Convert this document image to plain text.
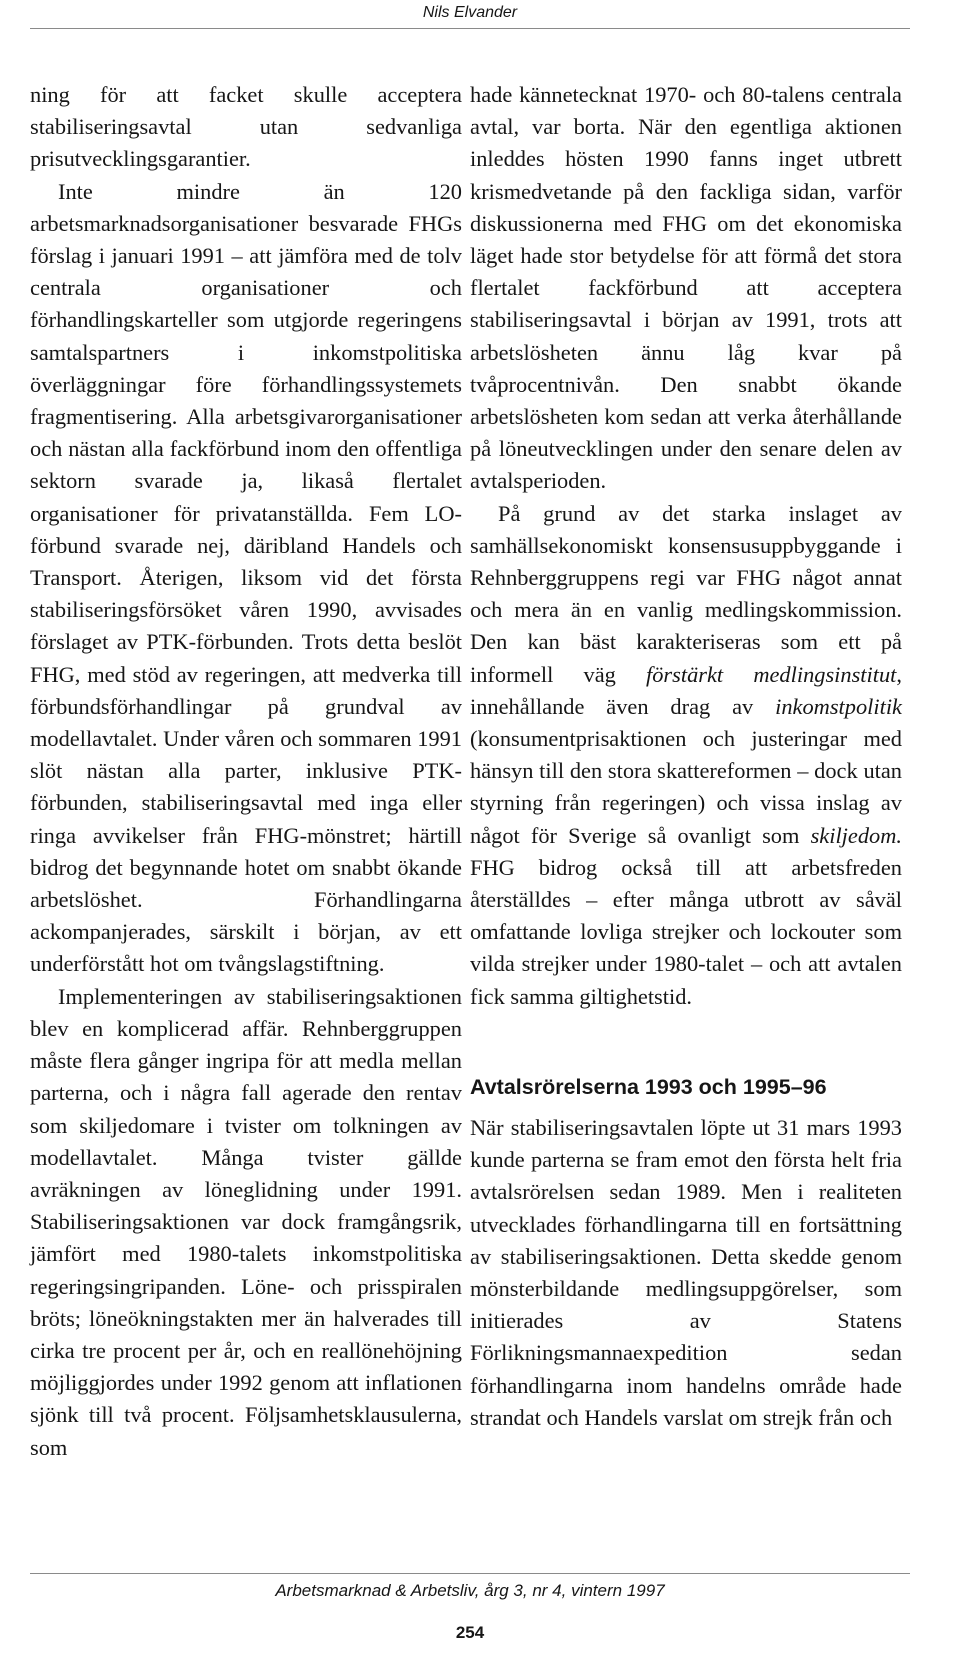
Nils Elvander

ning för att facket skulle acceptera stabiliseringsavtal utan sedvanliga prisutvecklingsgarantier.

Inte mindre än 120 arbetsmarknadsorganisationer besvarade FHGs förslag i januari 1991 – att jämföra med de tolv centrala organisationer och förhandlingskarteller som utgjorde regeringens samtalspartners i inkomstpolitiska överläggningar före förhandlingssystemets fragmentisering. Alla arbetsgivarorganisationer och nästan alla fackförbund inom den offentliga sektorn svarade ja, likaså flertalet organisationer för privatanställda. Fem LO-förbund svarade nej, däribland Handels och Transport. Återigen, liksom vid det första stabiliseringsförsöket våren 1990, avvisades förslaget av PTK-förbunden. Trots detta beslöt FHG, med stöd av regeringen, att medverka till förbundsförhandlingar på grundval av modellavtalet. Under våren och sommaren 1991 slöt nästan alla parter, inklusive PTK-förbunden, stabiliseringsavtal med inga eller ringa avvikelser från FHG-mönstret; härtill bidrog det begynnande hotet om snabbt ökande arbetslöshet. Förhandlingarna ackompanjerades, särskilt i början, av ett underförstått hot om tvångslagstiftning.

Implementeringen av stabiliseringsaktionen blev en komplicerad affär. Rehnberggruppen måste flera gånger ingripa för att medla mellan parterna, och i några fall agerade den rentav som skiljedomare i tvister om tolkningen av modellavtalet. Många tvister gällde avräkningen av löneglidning under 1991. Stabiliseringsaktionen var dock framgångsrik, jämfört med 1980-talets inkomstpolitiska regeringsingripanden. Löne- och prisspiralen bröts; löneökningstakten mer än halverades till cirka tre procent per år, och en reallönehöjning möjliggjordes under 1992 genom att inflationen sjönk till två procent. Följsamhetsklausulerna, som

hade kännetecknat 1970- och 80-talens centrala avtal, var borta. När den egentliga aktionen inleddes hösten 1990 fanns inget utbrett krismedvetande på den fackliga sidan, varför diskussionerna med FHG om det ekonomiska läget hade stor betydelse för att förmå det stora flertalet fackförbund att acceptera stabiliseringsavtal i början av 1991, trots att arbetslösheten ännu låg kvar på tvåprocentnivån. Den snabbt ökande arbetslösheten kom sedan att verka återhållande på löneutvecklingen under den senare delen av avtalsperioden.

På grund av det starka inslaget av samhällsekonomiskt konsensusuppbyggande i Rehnberggruppens regi var FHG något annat och mera än en vanlig medlingskommission. Den kan bäst karakteriseras som ett på informell väg förstärkt medlingsinstitut, innehållande även drag av inkomstpolitik (konsumentprisaktionen och justeringar med hänsyn till den stora skattereformen – dock utan styrning från regeringen) och vissa inslag av något för Sverige så ovanligt som skiljedom. FHG bidrog också till att arbetsfreden återställdes – efter många utbrott av såväl omfattande lovliga strejker och lockouter som vilda strejker under 1980-talet – och att avtalen fick samma giltighetstid.

Avtalsrörelserna 1993 och 1995–96

När stabiliseringsavtalen löpte ut 31 mars 1993 kunde parterna se fram emot den första helt fria avtalsrörelsen sedan 1989. Men i realiteten utvecklades förhandlingarna till en fortsättning av stabiliseringsaktionen. Detta skedde genom mönsterbildande medlingsuppgörelser, som initierades av Statens Förlikningsmannaexpedition sedan förhandlingarna inom handelns område hade strandat och Handels varslat om strejk från och

Arbetsmarknad & Arbetsliv, årg 3, nr 4, vintern 1997
254
